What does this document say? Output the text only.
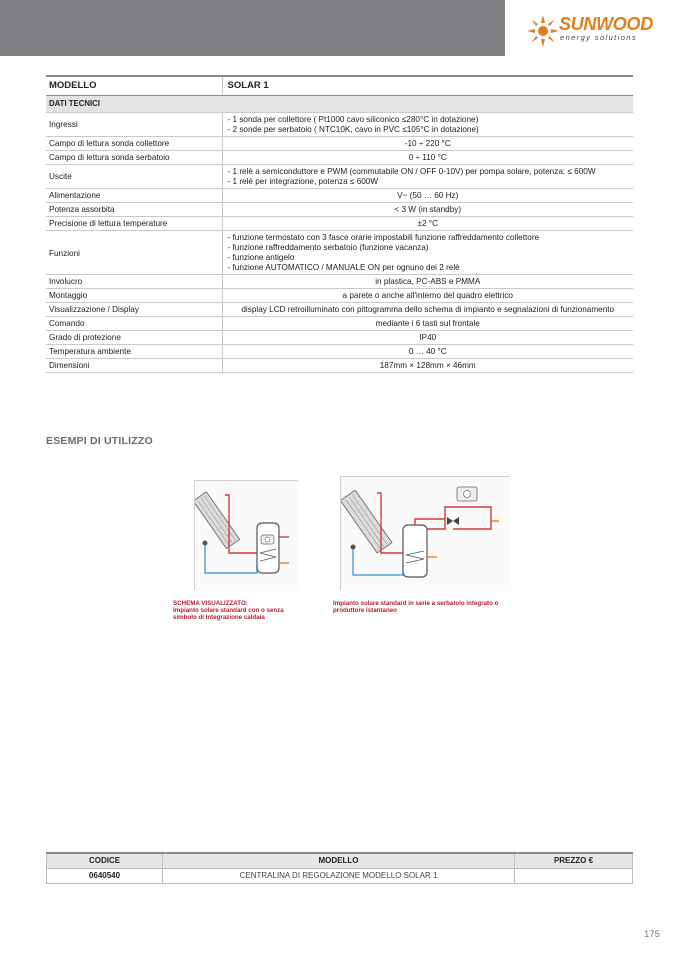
SUNWOOD
energy solutions
MODELLO	SOLAR 1
DATI TECNICI	
Ingressi	- 1 sonda per collettore ( Pt1000 cavo siliconico ≤280°C in dotazione)
- 2 sonde per serbatoio ( NTC10K, cavo in PVC ≤105°C in dotazione)

Campo di lettura sonda collettore	-10 ÷ 220 °C

Campo di lettura sonda serbatoio	0 ÷ 110 °C

Uscite	- 1 relè a semiconduttore e PWM (commutabile ON / OFF 0-10V) per pompa solare, potenza: ≤ 600W
- 1 relè per integrazione, potenza ≤ 600W

Alimentazione	V~ (50 … 60 Hz)

Potenza assorbita	< 3 W (in standby)

Precisione di lettura temperature	±2 °C

Funzioni	- funzione termostato con 3 fasce orarie impostabili funzione raffreddamento collettore
- funzione raffreddamento serbatoio (funzione vacanza)
- funzione antigelo
- funzione AUTOMATICO / MANUALE ON per ognuno dei 2 relè

Involucro	in plastica, PC-ABS e PMMA

Montaggio	a parete o anche all'interno del quadro elettrico

Visualizzazione / Display	display LCD retroilluminato con pittogramma dello schema di impianto e segnalazioni di funzionamento

Comando	mediante i 6 tasti sul frontale

Grado di protezione	IP40

Temperatura ambiente	0 … 40 °C

Dimensioni	187mm × 128mm × 46mm
ESEMPI DI UTILIZZO
SCHEMA VISUALIZZATO:
Impianto solare standard con o senza
simbolo di integrazione caldaia
Impianto solare standard in serie a serbatoio integrato o
produttore istantaneo
CODICE	MODELLO	PREZZO €
0640540	CENTRALINA DI REGOLAZIONE MODELLO SOLAR 1	
175
